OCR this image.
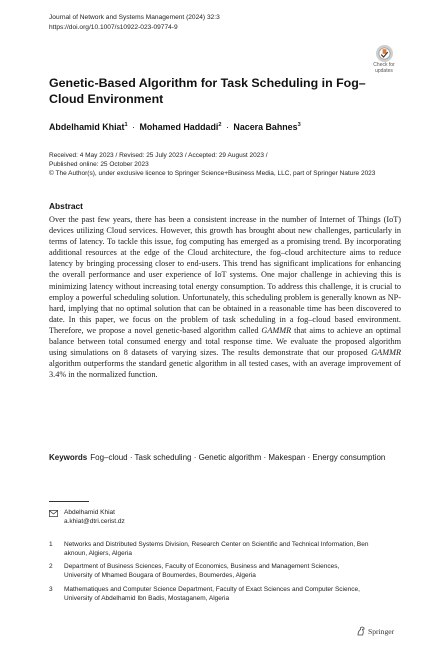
Journal of Network and Systems Management (2024) 32:3
https://doi.org/10.1007/s10922-023-09774-9
Check for
updates
Genetic-Based Algorithm for Task Scheduling in Fog–Cloud Environment
Abdelhamid Khiat$^1$ · Mohamed Haddadi$^2$ · Nacera Bahnes$^3$
Received: 4 May 2023 / Revised: 25 July 2023 / Accepted: 29 August 2023 /
Published online: 25 October 2023
© The Author(s), under exclusive licence to Springer Science+Business Media, LLC, part of Springer Nature 2023
Abstract
Over the past few years, there has been a consistent increase in the number of Internet of Things (IoT) devices utilizing Cloud services. However, this growth has brought about new challenges, particularly in terms of latency. To tackle this issue, fog computing has emerged as a promising trend. By incorporating additional resources at the edge of the Cloud architecture, the fog–cloud architecture aims to reduce latency by bringing processing closer to end-users. This trend has significant implications for enhancing the overall performance and user experience of IoT systems. One major challenge in achieving this is minimizing latency without increasing total energy consumption. To address this challenge, it is crucial to employ a powerful scheduling solution. Unfortunately, this scheduling problem is generally known as NP-hard, implying that no optimal solution that can be obtained in a reasonable time has been discovered to date. In this paper, we focus on the problem of task scheduling in a fog–cloud based environment. Therefore, we propose a novel genetic-based algorithm called GAMMR that aims to achieve an optimal balance between total consumed energy and total response time. We evaluate the proposed algorithm using simulations on 8 datasets of varying sizes. The results demonstrate that our proposed GAMMR algorithm outperforms the standard genetic algorithm in all tested cases, with an average improvement of 3.4% in the normalized function.
Keywords Fog–cloud · Task scheduling · Genetic algorithm · Makespan · Energy consumption
Abdelhamid Khiat
a.khiat@dtri.cerist.dz
1 Networks and Distributed Systems Division, Research Center on Scientific and Technical Information, Ben aknoun, Algiers, Algeria
2 Department of Business Sciences, Faculty of Economics, Business and Management Sciences, University of Mhamed Bougara of Boumerdes, Boumerdes, Algeria
3 Mathematiques and Computer Science Department, Faculty of Exact Sciences and Computer Science, University of Abdelhamid Ibn Badis, Mostaganem, Algeria
Springer
